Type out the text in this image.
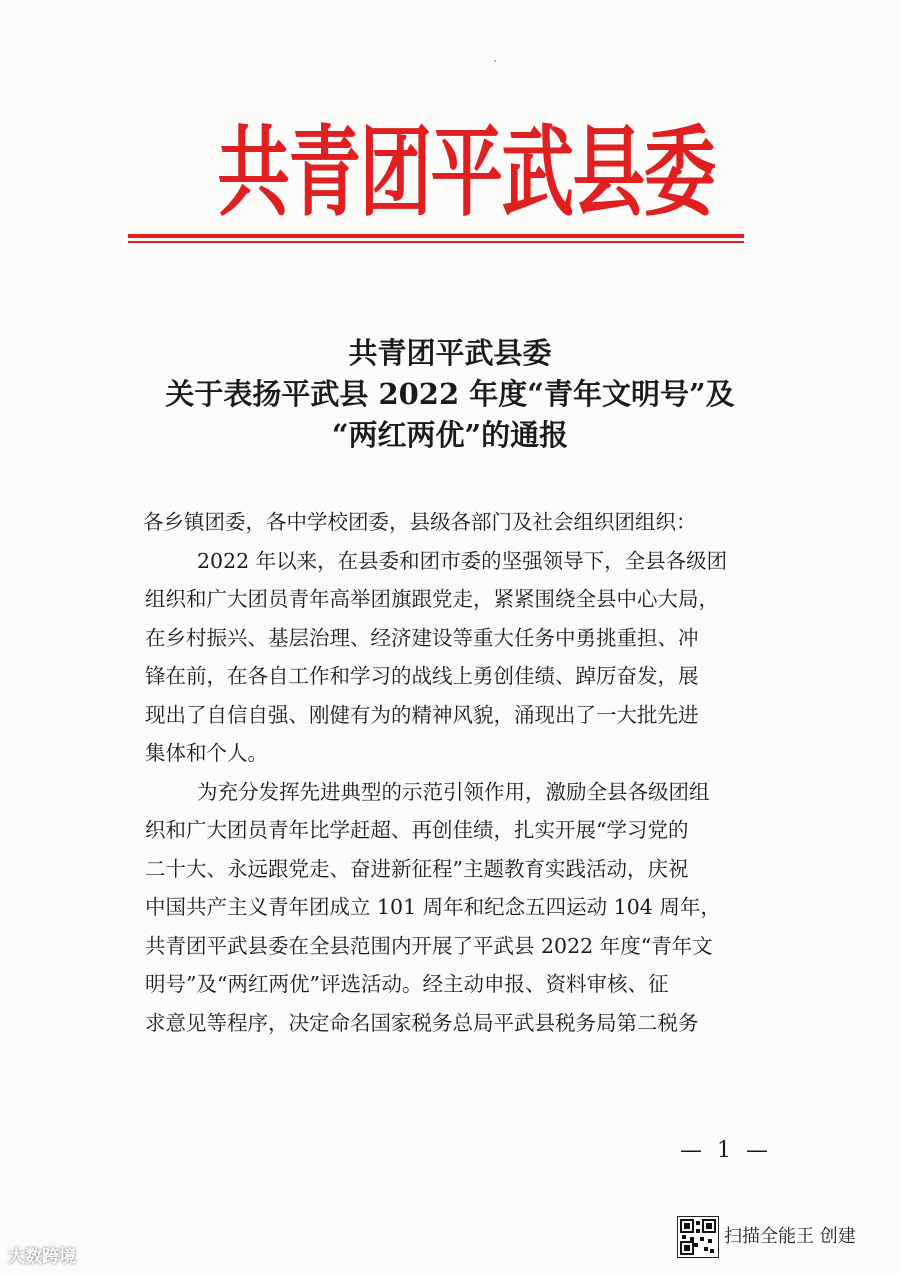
共青团平武县委
共青团平武县委
关于表扬平武县 2022 年度“青年文明号”及
“两红两优”的通报
各乡镇团委，各中学校团委，县级各部门及社会组织团组织：
2022 年以来，在县委和团市委的坚强领导下，全县各级团
组织和广大团员青年高举团旗跟党走，紧紧围绕全县中心大局，
在乡村振兴、基层治理、经济建设等重大任务中勇挑重担、冲
锋在前，在各自工作和学习的战线上勇创佳绩、踔厉奋发，展
现出了自信自强、刚健有为的精神风貌，涌现出了一大批先进
集体和个人。
为充分发挥先进典型的示范引领作用，激励全县各级团组
织和广大团员青年比学赶超、再创佳绩，扎实开展“学习党的
二十大、永远跟党走、奋进新征程”主题教育实践活动，庆祝
中国共产主义青年团成立 101 周年和纪念五四运动 104 周年，
共青团平武县委在全县范围内开展了平武县 2022 年度“青年文
明号”及“两红两优”评选活动。经主动申报、资料审核、征
求意见等程序，决定命名国家税务总局平武县税务局第二税务
— 1 —
扫描全能王 创建
大数跨境
